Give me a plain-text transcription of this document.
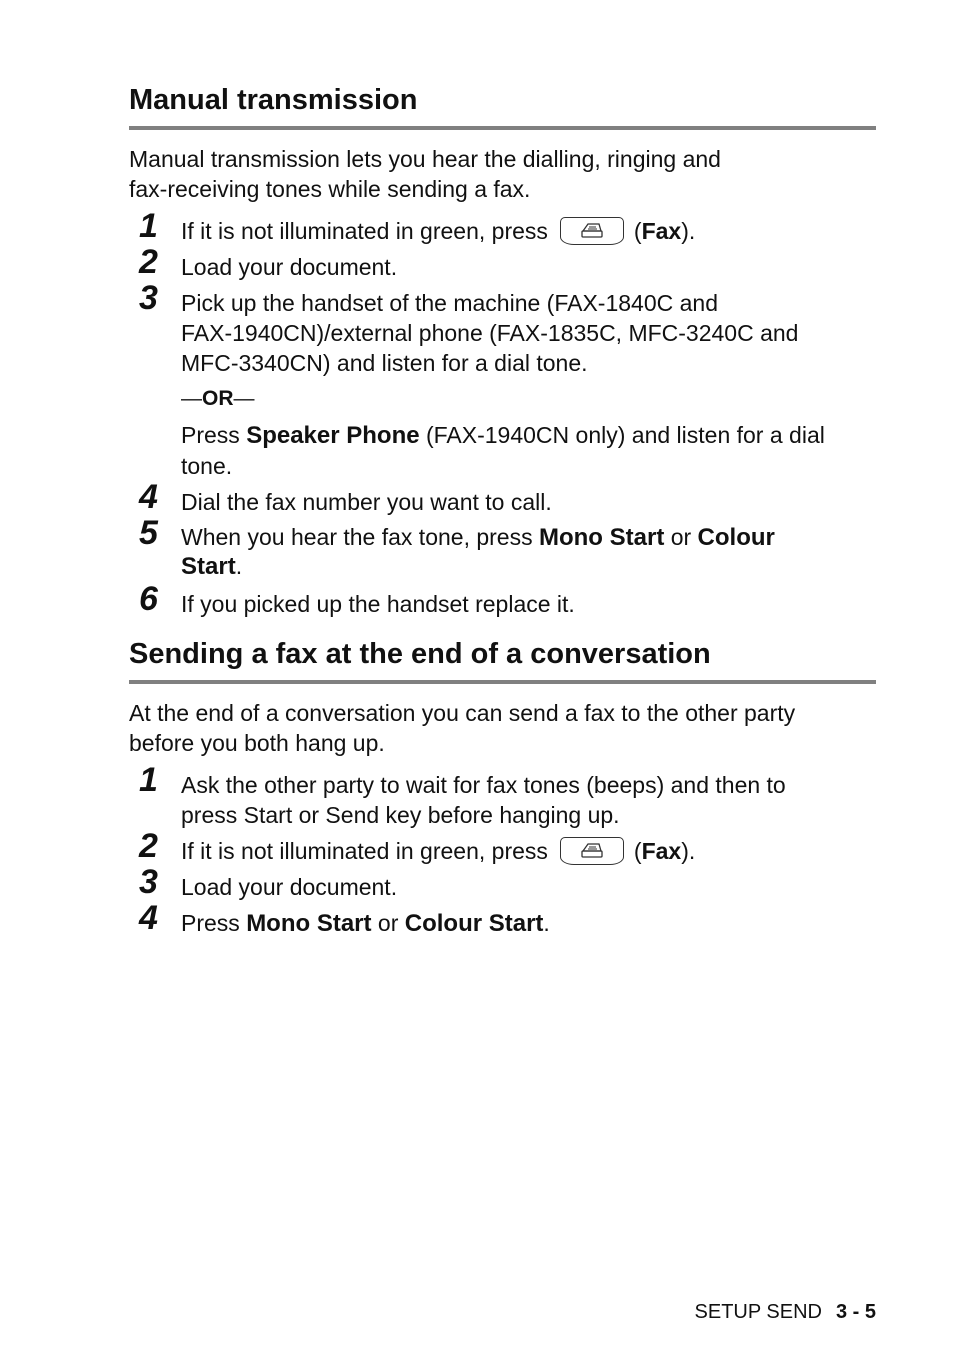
Manual transmission
Manual transmission lets you hear the dialling, ringing and
fax-receiving tones while sending a fax.
1 If it is not illuminated in green, press	(Fax).
2 Load your document.
3 Pick up the handset of the machine (FAX-1840C and
FAX-1940CN)/external phone (FAX-1835C, MFC-3240C and
MFC-3340CN) and listen for a dial tone.
—OR—
Press Speaker Phone (FAX-1940CN only) and listen for a dial
tone.
4 Dial the fax number you want to call.
5 When you hear the fax tone, press Mono Start or Colour
Start.
6 If you picked up the handset replace it.
Sending a fax at the end of a conversation
At the end of a conversation you can send a fax to the other party
before you both hang up.
1 Ask the other party to wait for fax tones (beeps) and then to
press Start or Send key before hanging up.
2 If it is not illuminated in green, press	(Fax).
3 Load your document.
4 Press Mono Start or Colour Start.
SETUP SEND 3 - 5
